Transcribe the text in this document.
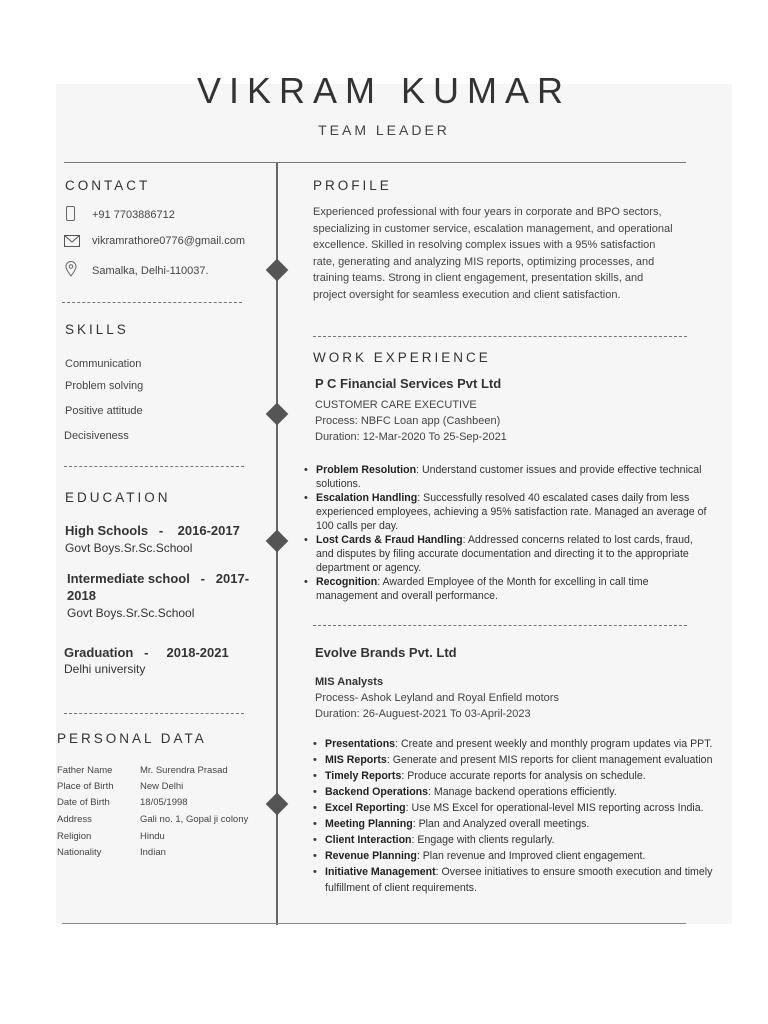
VIKRAM KUMAR
TEAM LEADER
CONTACT
+91 7703886712
vikramrathore0776@gmail.com
Samalka, Delhi-110037.
SKILLS
Communication
Problem solving
Positive attitude
Decisiveness
EDUCATION
High Schools   -    2016-2017
Govt Boys.Sr.Sc.School
Intermediate school   -   2017-2018
Govt Boys.Sr.Sc.School
Graduation   -     2018-2021
Delhi university
PERSONAL DATA
Father Name	Mr. Surendra Prasad
Place of Birth	New Delhi
Date of Birth	18/05/1998
Address	Gali no. 1, Gopal ji colony
Religion	Hindu
Nationality	Indian
PROFILE
Experienced professional with four years in corporate and BPO sectors,
specializing in customer service, escalation management, and operational
excellence. Skilled in resolving complex issues with a 95% satisfaction
rate, generating and analyzing MIS reports, optimizing processes, and
training teams. Strong in client engagement, presentation skills, and
project oversight for seamless execution and client satisfaction.
WORK EXPERIENCE
P C Financial Services Pvt Ltd
CUSTOMER CARE EXECUTIVE
Process: NBFC Loan app (Cashbeen)
Duration: 12-Mar-2020 To 25-Sep-2021
• Problem Resolution: Understand customer issues and provide effective technical solutions.
• Escalation Handling: Successfully resolved 40 escalated cases daily from less experienced employees, achieving a 95% satisfaction rate. Managed an average of 100 calls per day.
• Lost Cards & Fraud Handling: Addressed concerns related to lost cards, fraud, and disputes by filing accurate documentation and directing it to the appropriate department or agency.
• Recognition: Awarded Employee of the Month for excelling in call time management and overall performance.
Evolve Brands Pvt. Ltd
MIS Analysts
Process- Ashok Leyland and Royal Enfield motors
Duration: 26-Auguest-2021 To 03-April-2023
• Presentations: Create and present weekly and monthly program updates via PPT.
• MIS Reports: Generate and present MIS reports for client management evaluation
• Timely Reports: Produce accurate reports for analysis on schedule.
• Backend Operations: Manage backend operations efficiently.
• Excel Reporting: Use MS Excel for operational-level MIS reporting across India.
• Meeting Planning: Plan and Analyzed overall meetings.
• Client Interaction: Engage with clients regularly.
• Revenue Planning: Plan revenue and Improved client engagement.
• Initiative Management: Oversee initiatives to ensure smooth execution and timely fulfillment of client requirements.
